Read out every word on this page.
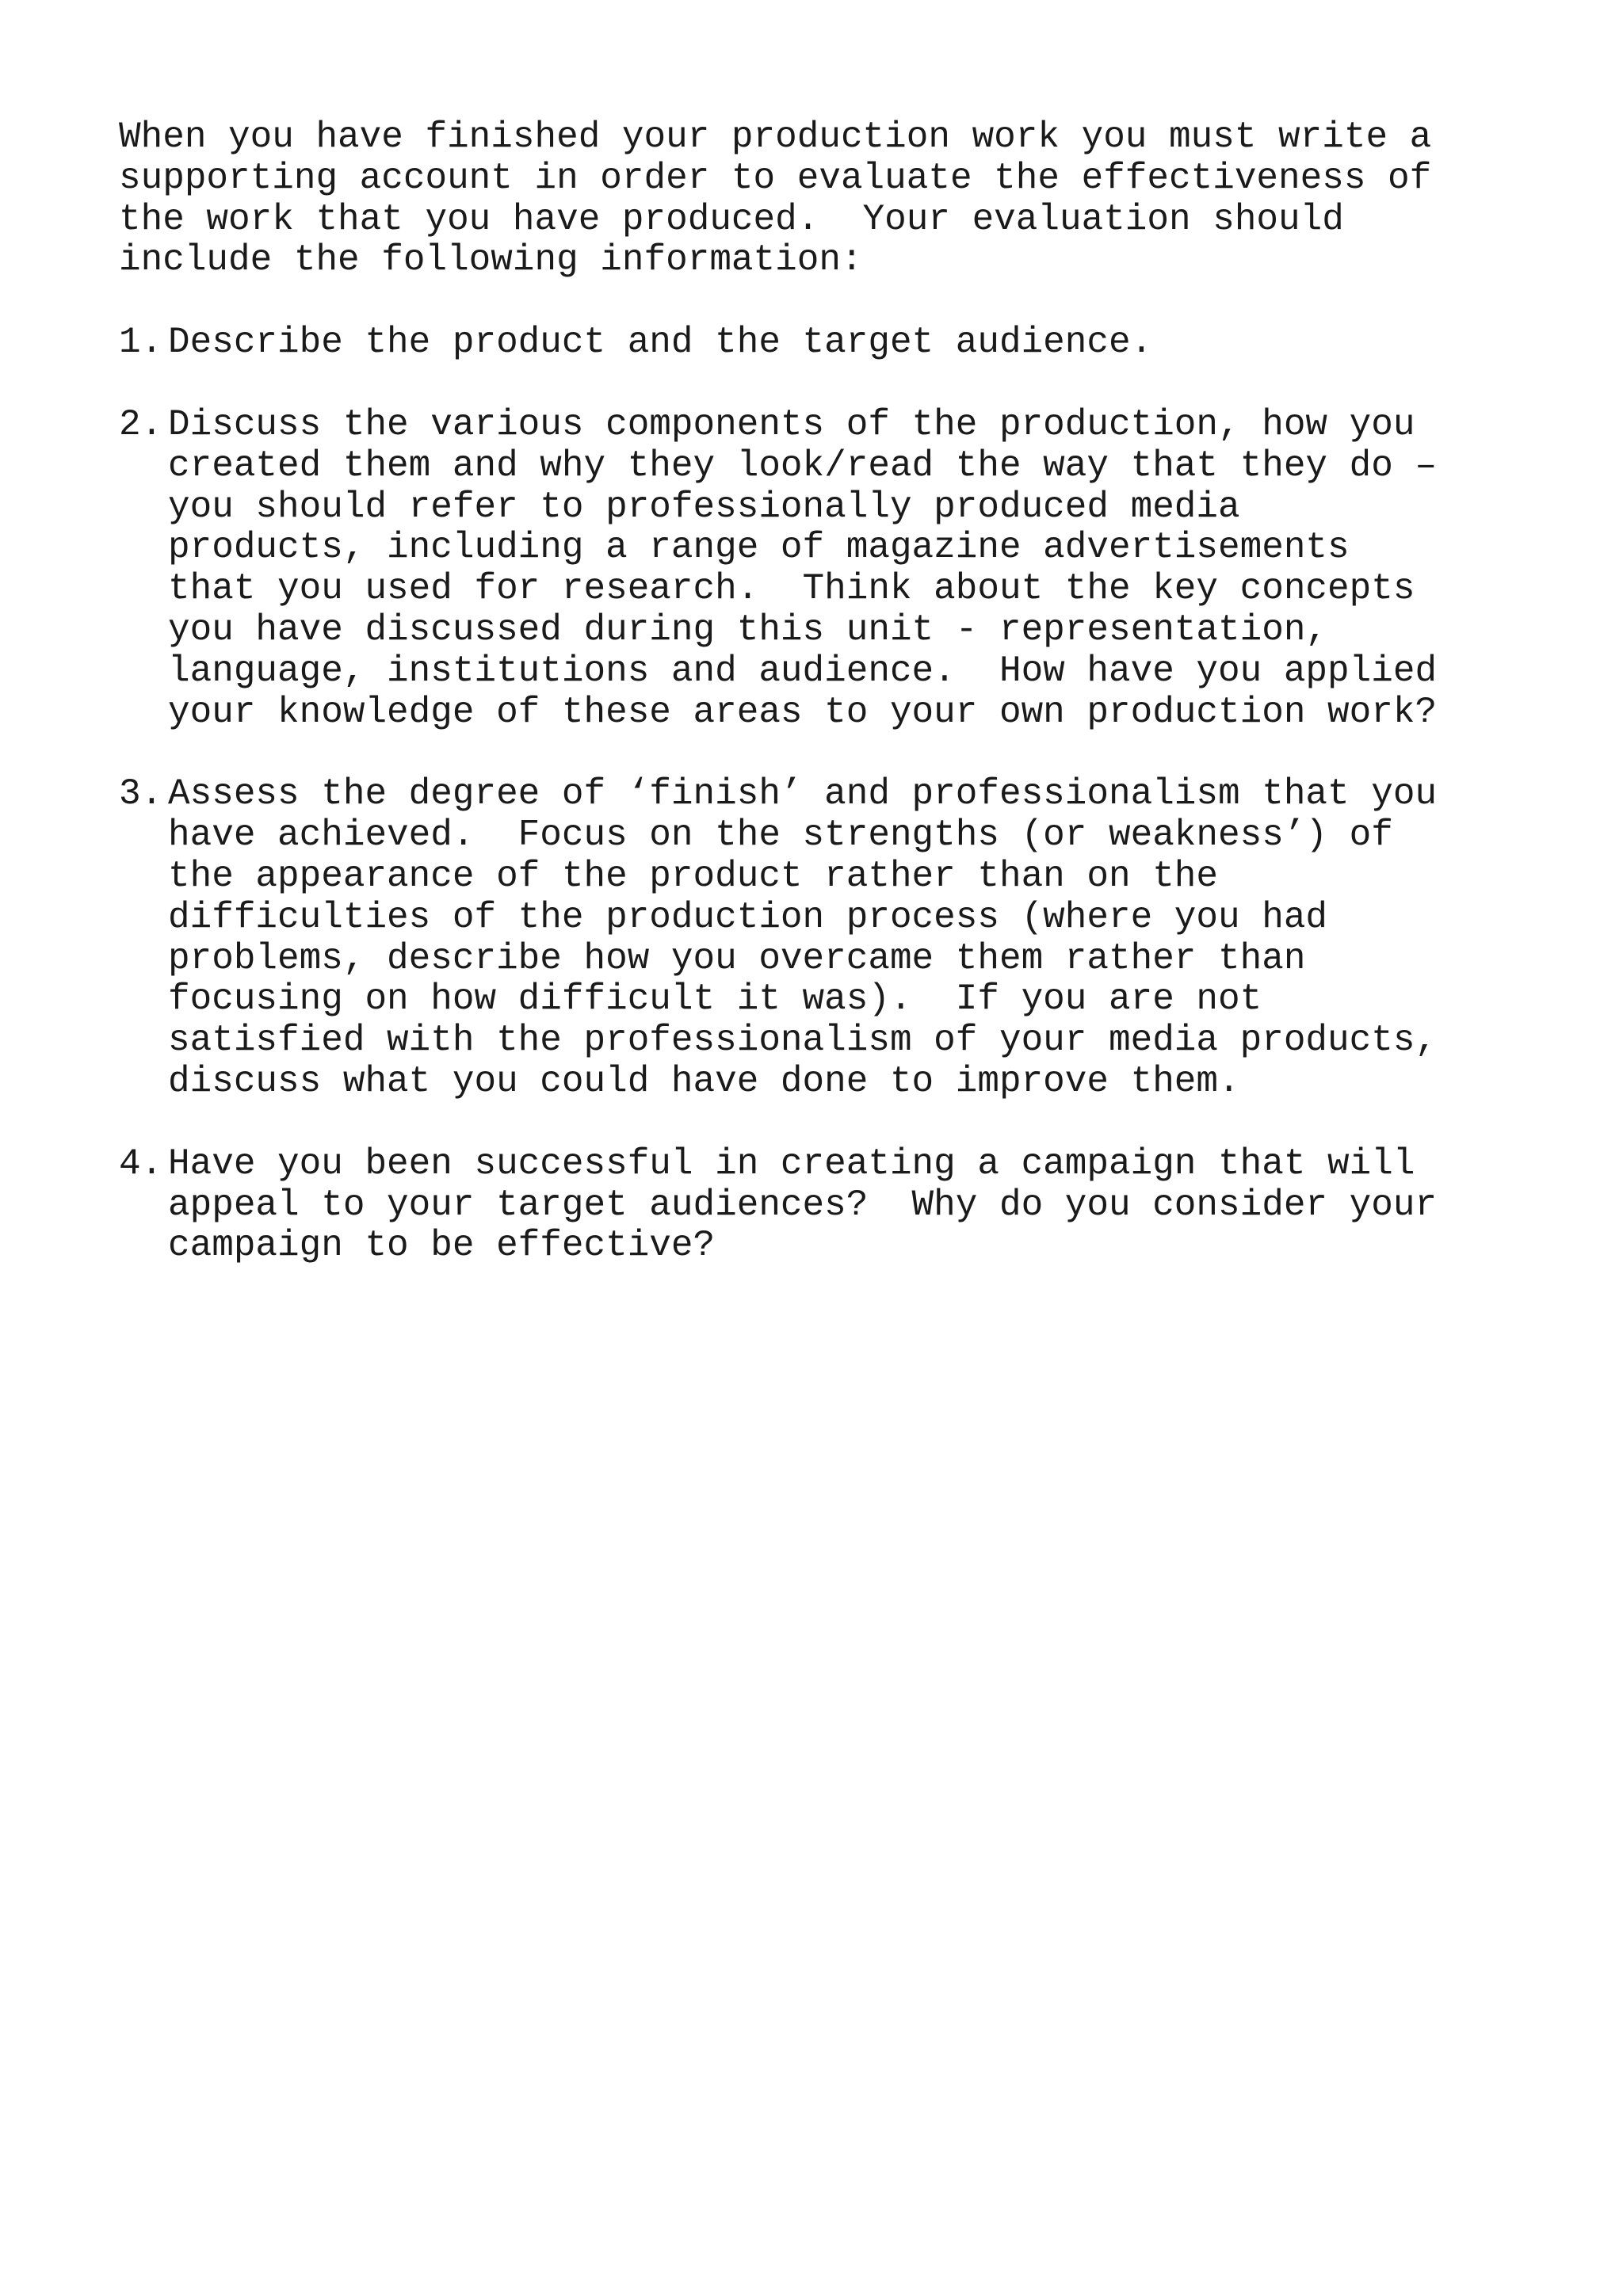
When you have finished your production work you must write a
supporting account in order to evaluate the effectiveness of
the work that you have produced.  Your evaluation should
include the following information:
1. Describe the product and the target audience.
2. Discuss the various components of the production, how you
created them and why they look/read the way that they do –
you should refer to professionally produced media
products, including a range of magazine advertisements
that you used for research.  Think about the key concepts
you have discussed during this unit - representation,
language, institutions and audience.  How have you applied
your knowledge of these areas to your own production work?
3. Assess the degree of ‘finish’ and professionalism that you
have achieved.  Focus on the strengths (or weakness’) of
the appearance of the product rather than on the
difficulties of the production process (where you had
problems, describe how you overcame them rather than
focusing on how difficult it was).  If you are not
satisfied with the professionalism of your media products,
discuss what you could have done to improve them.
4. Have you been successful in creating a campaign that will
appeal to your target audiences?  Why do you consider your
campaign to be effective?
